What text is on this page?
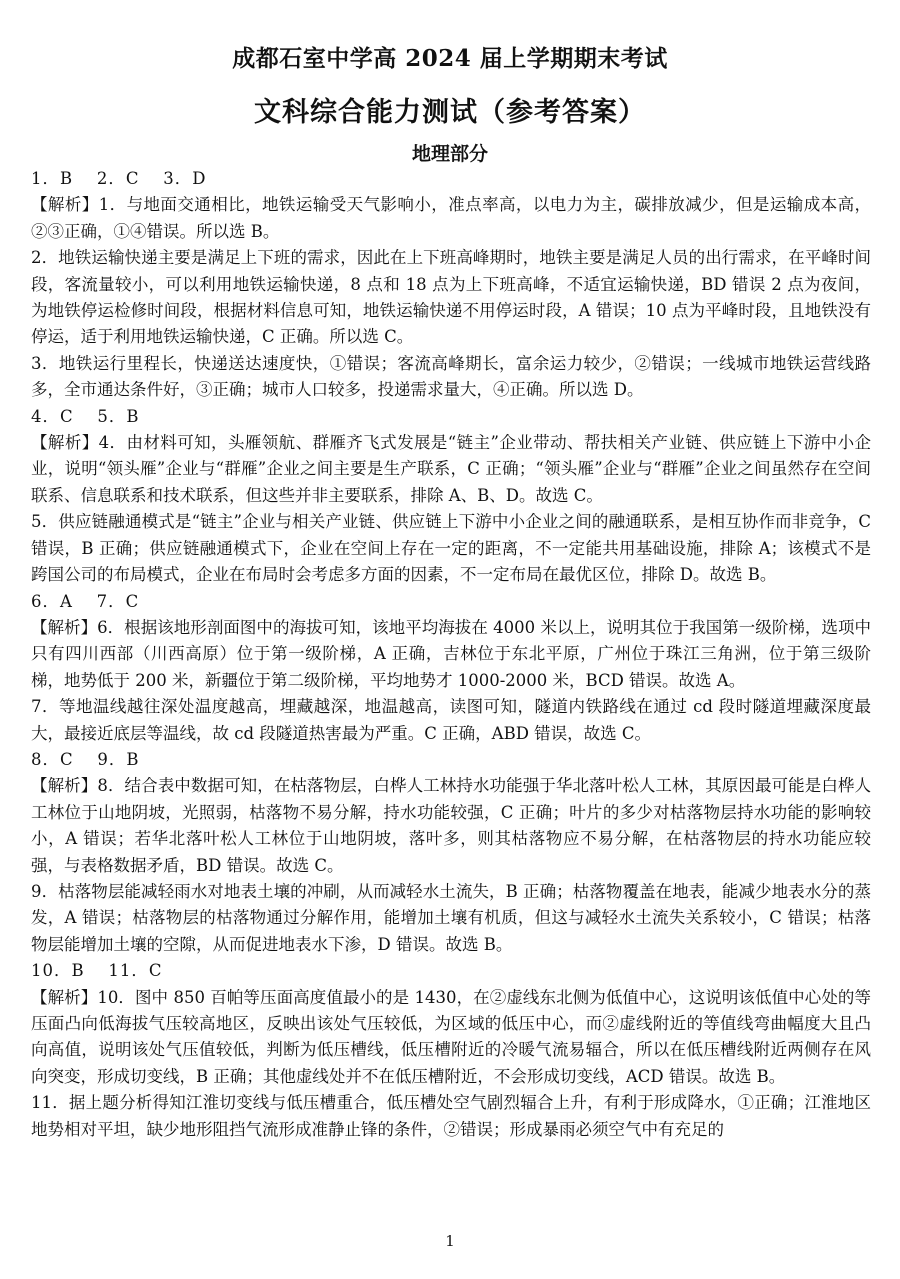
成都石室中学高 2024 届上学期期末考试
文科综合能力测试（参考答案）
地理部分

1．B　 2．C　 3．D

【解析】1．与地面交通相比，地铁运输受天气影响小，准点率高，以电力为主，碳排放减少，但是运输成本高，②③正确，①④错误。所以选 B。

2．地铁运输快递主要是满足上下班的需求，因此在上下班高峰期时，地铁主要是满足人员的出行需求，在平峰时间段，客流量较小，可以利用地铁运输快递，8 点和 18 点为上下班高峰，不适宜运输快递，BD 错误 2 点为夜间，为地铁停运检修时间段，根据材料信息可知，地铁运输快递不用停运时段，A 错误；10 点为平峰时段，且地铁没有停运，适于利用地铁运输快递，C 正确。所以选 C。

3．地铁运行里程长，快递送达速度快，①错误；客流高峰期长，富余运力较少，②错误；一线城市地铁运营线路多，全市通达条件好，③正确；城市人口较多，投递需求量大，④正确。所以选 D。

4．C　 5．B

【解析】4．由材料可知，头雁领航、群雁齐飞式发展是“链主”企业带动、帮扶相关产业链、供应链上下游中小企业，说明“领头雁”企业与“群雁”企业之间主要是生产联系，C 正确；“领头雁”企业与“群雁”企业之间虽然存在空间联系、信息联系和技术联系，但这些并非主要联系，排除 A、B、D。故选 C。

5．供应链融通模式是“链主”企业与相关产业链、供应链上下游中小企业之间的融通联系，是相互协作而非竞争，C 错误，B 正确；供应链融通模式下，企业在空间上存在一定的距离，不一定能共用基础设施，排除 A；该模式不是跨国公司的布局模式，企业在布局时会考虑多方面的因素，不一定布局在最优区位，排除 D。故选 B。

6．A　 7．C

【解析】6．根据该地形剖面图中的海拔可知，该地平均海拔在 4000 米以上，说明其位于我国第一级阶梯，选项中只有四川西部（川西高原）位于第一级阶梯，A 正确，吉林位于东北平原，广州位于珠江三角洲，位于第三级阶梯，地势低于 200 米，新疆位于第二级阶梯，平均地势才 1000-2000 米，BCD 错误。故选 A。

7．等地温线越往深处温度越高，埋藏越深，地温越高，读图可知，隧道内铁路线在通过 cd 段时隧道埋藏深度最大，最接近底层等温线，故 cd 段隧道热害最为严重。C 正确，ABD 错误，故选 C。

8．C　 9．B

【解析】8．结合表中数据可知，在枯落物层，白桦人工林持水功能强于华北落叶松人工林，其原因最可能是白桦人工林位于山地阴坡，光照弱，枯落物不易分解，持水功能较强，C 正确；叶片的多少对枯落物层持水功能的影响较小，A 错误；若华北落叶松人工林位于山地阴坡，落叶多，则其枯落物应不易分解，在枯落物层的持水功能应较强，与表格数据矛盾，BD 错误。故选 C。

9．枯落物层能减轻雨水对地表土壤的冲刷，从而减轻水土流失，B 正确；枯落物覆盖在地表，能减少地表水分的蒸发，A 错误；枯落物层的枯落物通过分解作用，能增加土壤有机质，但这与减轻水土流失关系较小，C 错误；枯落物层能增加土壤的空隙，从而促进地表水下渗，D 错误。故选 B。

10．B　 11．C

【解析】10．图中 850 百帕等压面高度值最小的是 1430，在②虚线东北侧为低值中心，这说明该低值中心处的等压面凸向低海拔气压较高地区，反映出该处气压较低，为区域的低压中心，而②虚线附近的等值线弯曲幅度大且凸向高值，说明该处气压值较低，判断为低压槽线，低压槽附近的冷暖气流易辐合，所以在低压槽线附近两侧存在风向突变，形成切变线，B 正确；其他虚线处并不在低压槽附近，不会形成切变线，ACD 错误。故选 B。

11．据上题分析得知江淮切变线与低压槽重合，低压槽处空气剧烈辐合上升，有利于形成降水，①正确；江淮地区地势相对平坦，缺少地形阻挡气流形成准静止锋的条件，②错误；形成暴雨必须空气中有充足的

1
